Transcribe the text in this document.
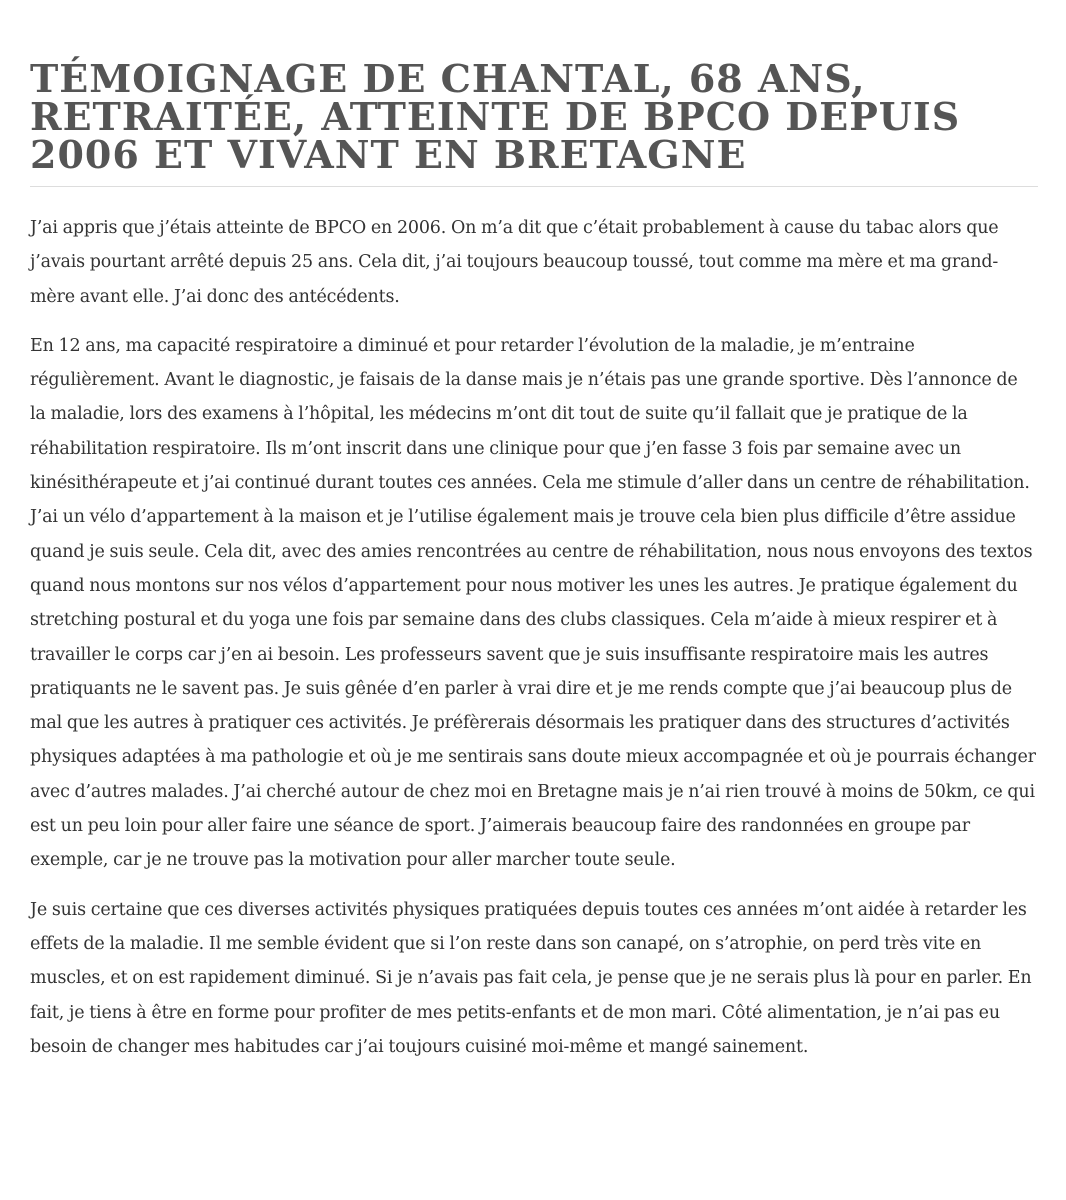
TÉMOIGNAGE DE CHANTAL, 68 ANS, RETRAITÉE, ATTEINTE DE BPCO DEPUIS 2006 ET VIVANT EN BRETAGNE

J’ai appris que j’étais atteinte de BPCO en 2006. On m’a dit que c’était probablement à cause du tabac alors que j’avais pourtant arrêté depuis 25 ans. Cela dit, j’ai toujours beaucoup toussé, tout comme ma mère et ma grand-mère avant elle. J’ai donc des antécédents.

En 12 ans, ma capacité respiratoire a diminué et pour retarder l’évolution de la maladie, je m’entraine régulièrement. Avant le diagnostic, je faisais de la danse mais je n’étais pas une grande sportive. Dès l’annonce de la maladie, lors des examens à l’hôpital, les médecins m’ont dit tout de suite qu’il fallait que je pratique de la réhabilitation respiratoire. Ils m’ont inscrit dans une clinique pour que j’en fasse 3 fois par semaine avec un kinésithérapeute et j’ai continué durant toutes ces années. Cela me stimule d’aller dans un centre de réhabilitation. J’ai un vélo d’appartement à la maison et je l’utilise également mais je trouve cela bien plus difficile d’être assidue quand je suis seule. Cela dit, avec des amies rencontrées au centre de réhabilitation, nous nous envoyons des textos quand nous montons sur nos vélos d’appartement pour nous motiver les unes les autres. Je pratique également du stretching postural et du yoga une fois par semaine dans des clubs classiques. Cela m’aide à mieux respirer et à travailler le corps car j’en ai besoin. Les professeurs savent que je suis insuffisante respiratoire mais les autres pratiquants ne le savent pas. Je suis gênée d’en parler à vrai dire et je me rends compte que j’ai beaucoup plus de mal que les autres à pratiquer ces activités. Je préfèrerais désormais les pratiquer dans des structures d’activités physiques adaptées à ma pathologie et où je me sentirais sans doute mieux accompagnée et où je pourrais échanger avec d’autres malades. J’ai cherché autour de chez moi en Bretagne mais je n’ai rien trouvé à moins de 50km, ce qui est un peu loin pour aller faire une séance de sport. J’aimerais beaucoup faire des randonnées en groupe par exemple, car je ne trouve pas la motivation pour aller marcher toute seule.

Je suis certaine que ces diverses activités physiques pratiquées depuis toutes ces années m’ont aidée à retarder les effets de la maladie. Il me semble évident que si l’on reste dans son canapé, on s’atrophie, on perd très vite en muscles, et on est rapidement diminué. Si je n’avais pas fait cela, je pense que je ne serais plus là pour en parler. En fait, je tiens à être en forme pour profiter de mes petits-enfants et de mon mari. Côté alimentation, je n’ai pas eu besoin de changer mes habitudes car j’ai toujours cuisiné moi-même et mangé sainement.
